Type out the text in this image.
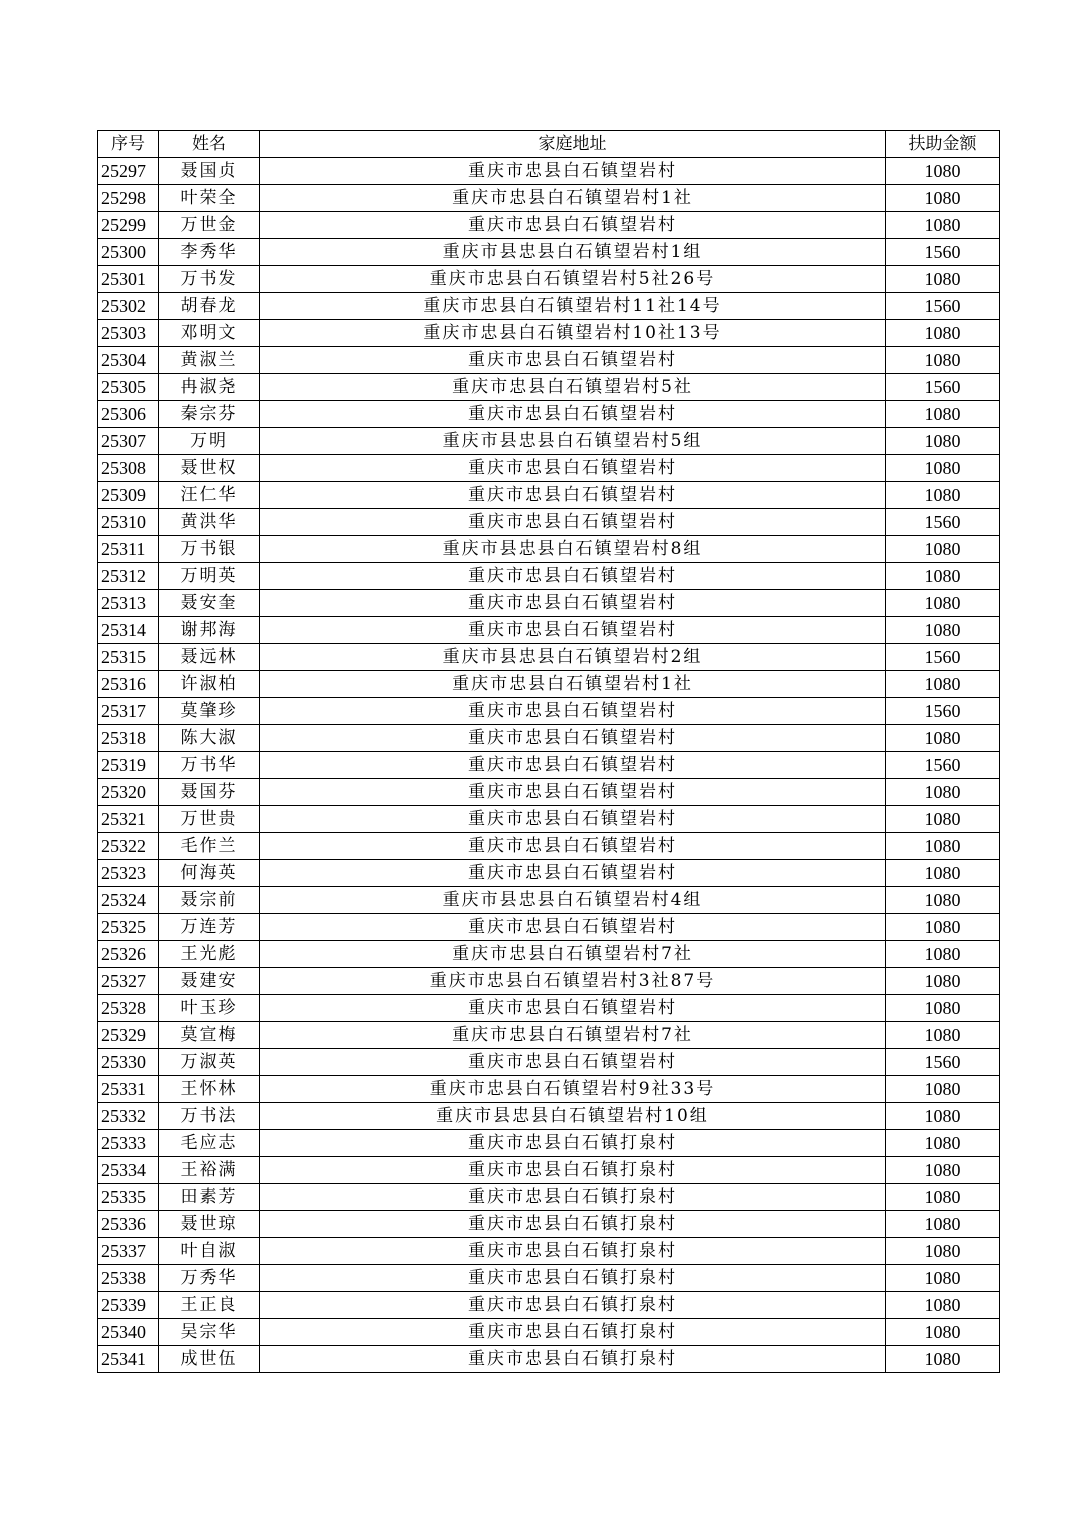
序号	姓名	家庭地址	扶助金额
25297	聂国贞	重庆市忠县白石镇望岩村	1080
25298	叶荣全	重庆市忠县白石镇望岩村1社	1080
25299	万世金	重庆市忠县白石镇望岩村	1080
25300	李秀华	重庆市县忠县白石镇望岩村1组	1560
25301	万书发	重庆市忠县白石镇望岩村5社26号	1080
25302	胡春龙	重庆市忠县白石镇望岩村11社14号	1560
25303	邓明文	重庆市忠县白石镇望岩村10社13号	1080
25304	黄淑兰	重庆市忠县白石镇望岩村	1080
25305	冉淑尧	重庆市忠县白石镇望岩村5社	1560
25306	秦宗芬	重庆市忠县白石镇望岩村	1080
25307	万明	重庆市县忠县白石镇望岩村5组	1080
25308	聂世权	重庆市忠县白石镇望岩村	1080
25309	汪仁华	重庆市忠县白石镇望岩村	1080
25310	黄洪华	重庆市忠县白石镇望岩村	1560
25311	万书银	重庆市县忠县白石镇望岩村8组	1080
25312	万明英	重庆市忠县白石镇望岩村	1080
25313	聂安奎	重庆市忠县白石镇望岩村	1080
25314	谢邦海	重庆市忠县白石镇望岩村	1080
25315	聂远林	重庆市县忠县白石镇望岩村2组	1560
25316	许淑柏	重庆市忠县白石镇望岩村1社	1080
25317	莫肇珍	重庆市忠县白石镇望岩村	1560
25318	陈大淑	重庆市忠县白石镇望岩村	1080
25319	万书华	重庆市忠县白石镇望岩村	1560
25320	聂国芬	重庆市忠县白石镇望岩村	1080
25321	万世贵	重庆市忠县白石镇望岩村	1080
25322	毛作兰	重庆市忠县白石镇望岩村	1080
25323	何海英	重庆市忠县白石镇望岩村	1080
25324	聂宗前	重庆市县忠县白石镇望岩村4组	1080
25325	万连芳	重庆市忠县白石镇望岩村	1080
25326	王光彪	重庆市忠县白石镇望岩村7社	1080
25327	聂建安	重庆市忠县白石镇望岩村3社87号	1080
25328	叶玉珍	重庆市忠县白石镇望岩村	1080
25329	莫宣梅	重庆市忠县白石镇望岩村7社	1080
25330	万淑英	重庆市忠县白石镇望岩村	1560
25331	王怀林	重庆市忠县白石镇望岩村9社33号	1080
25332	万书法	重庆市县忠县白石镇望岩村10组	1080
25333	毛应志	重庆市忠县白石镇打泉村	1080
25334	王裕满	重庆市忠县白石镇打泉村	1080
25335	田素芳	重庆市忠县白石镇打泉村	1080
25336	聂世琼	重庆市忠县白石镇打泉村	1080
25337	叶自淑	重庆市忠县白石镇打泉村	1080
25338	万秀华	重庆市忠县白石镇打泉村	1080
25339	王正良	重庆市忠县白石镇打泉村	1080
25340	吴宗华	重庆市忠县白石镇打泉村	1080
25341	成世伍	重庆市忠县白石镇打泉村	1080
